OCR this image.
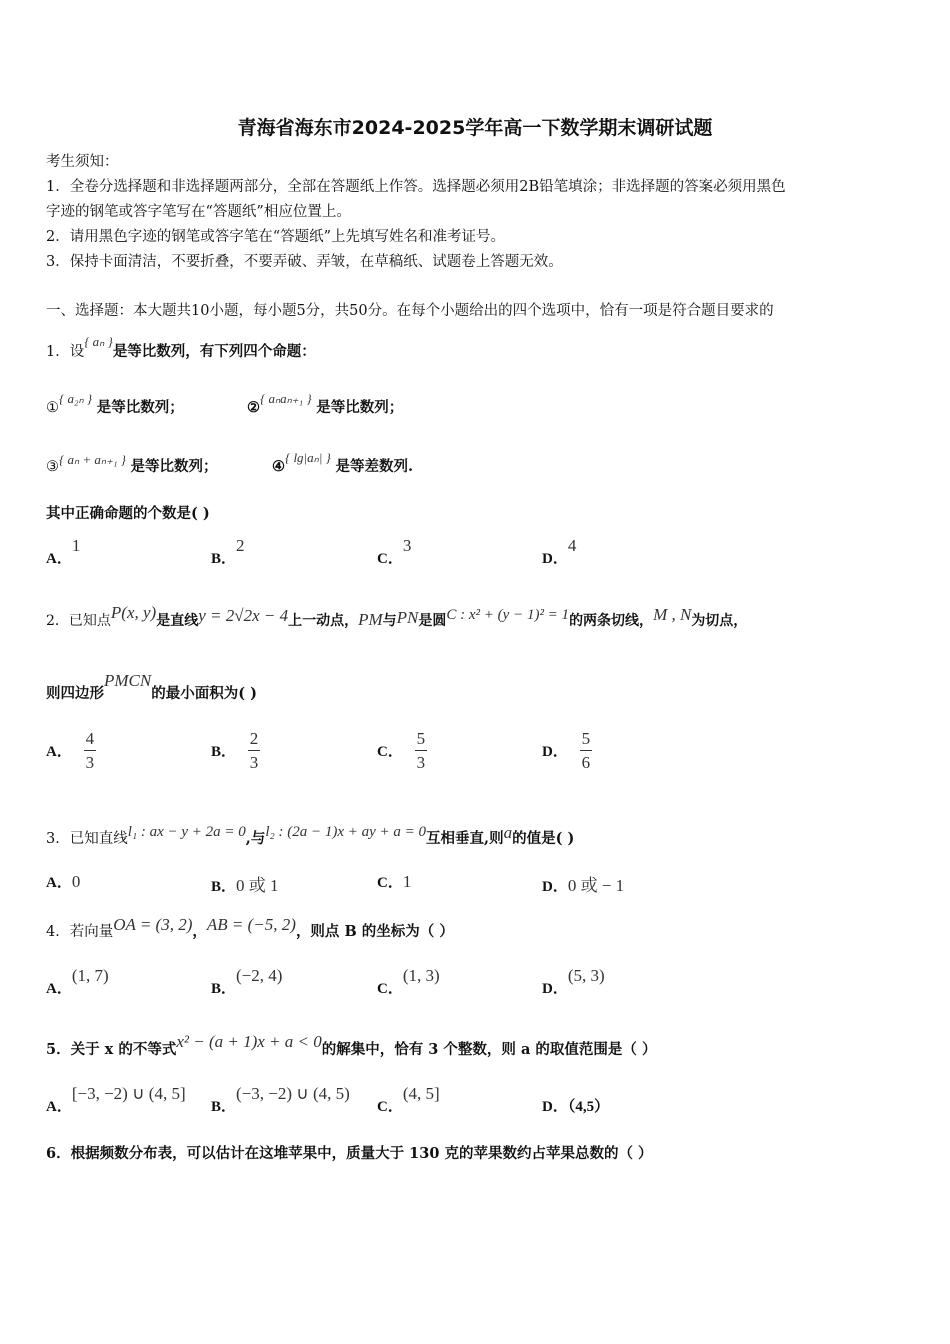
青海省海东市2024-2025学年高一下数学期末调研试题
考生须知：
1．全卷分选择题和非选择题两部分，全部在答题纸上作答。选择题必须用2B铅笔填涂；非选择题的答案必须用黑色
字迹的钢笔或答字笔写在“答题纸”相应位置上。
2．请用黑色字迹的钢笔或答字笔在“答题纸”上先填写姓名和准考证号。
3．保持卡面清洁，不要折叠，不要弄破、弄皱，在草稿纸、试题卷上答题无效。
一、选择题：本大题共10小题，每小题5分，共50分。在每个小题给出的四个选项中，恰有一项是符合题目要求的
1．设{ aₙ }是等比数列，有下列四个命题：
①{ a₂ₙ } 是等比数列；	②{ aₙaₙ₊₁ } 是等比数列；
③{ aₙ + aₙ₊₁ } 是等比数列；	④{ lg|aₙ| } 是等差数列.
其中正确命题的个数是( )
A．1
B．2
C．3
D．4
2．已知点P(x, y)是直线y = 2√2x − 4上一动点，PM与PN是圆C : x² + (y − 1)² = 1的两条切线，M , N为切点，
则四边形PMCN的最小面积为( )
A． $\frac{4}{3}$	B． $\frac{2}{3}$	C． $\frac{5}{3}$	D． $\frac{5}{6}$
3．已知直线l₁ : ax − y + 2a = 0,与l₂ : (2a − 1)x + ay + a = 0互相垂直,则a的值是( )
A．0	B．0 或 1	C．1	D．0 或 − 1
4．若向量OA = (3, 2)，AB = (−5, 2)，则点 B 的坐标为（ ）
A．(1, 7)
B．(−2, 4)
C．(1, 3)
D．(5, 3)
5．关于 x 的不等式x² − (a + 1)x + a < 0的解集中，恰有 3 个整数，则 a 的取值范围是（ ）
A．[−3, −2) ∪ (4, 5]
B．(−3, −2) ∪ (4, 5)
C．(4, 5]
D．（4,5）
6．根据频数分布表，可以估计在这堆苹果中，质量大于 130 克的苹果数约占苹果总数的（ ）
